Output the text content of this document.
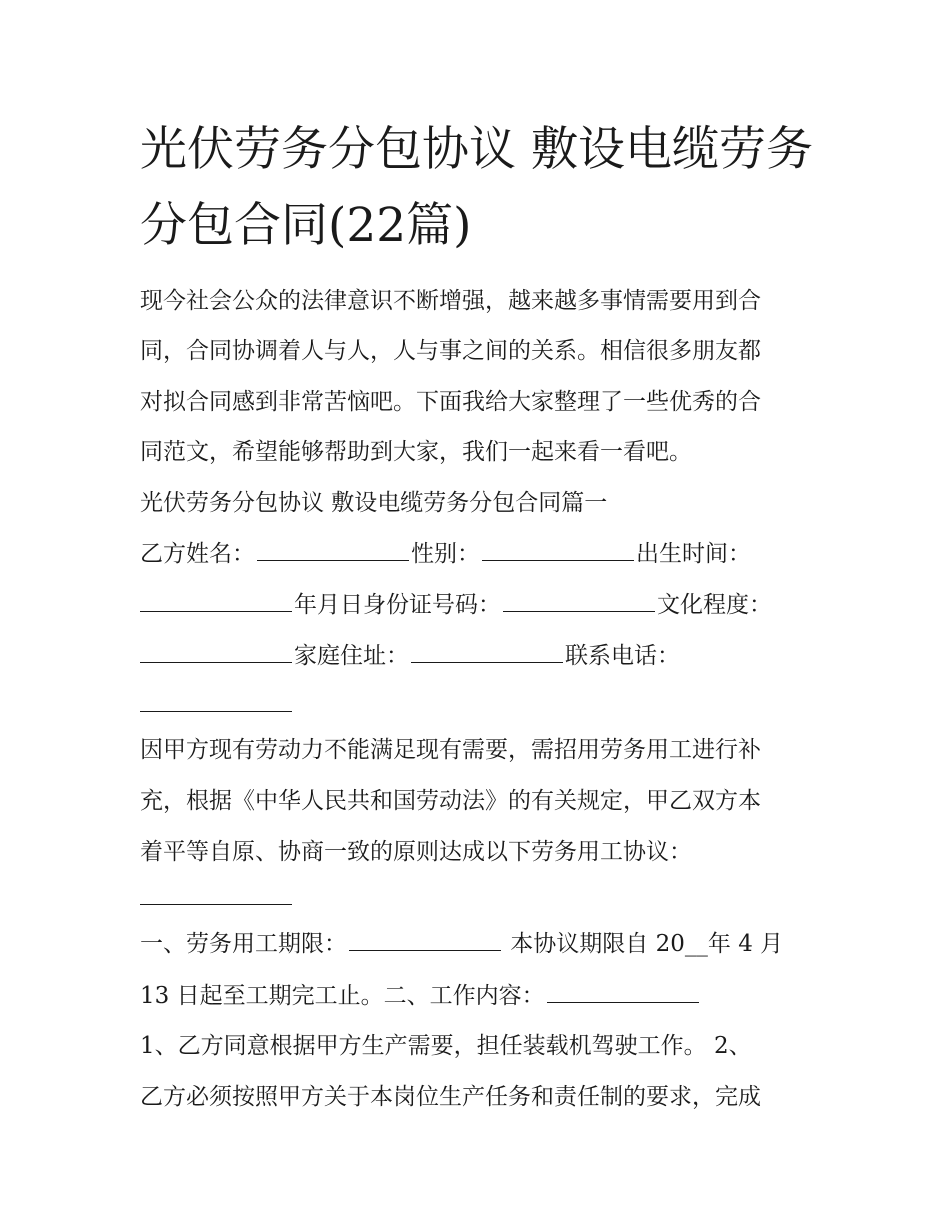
光伏劳务分包协议 敷设电缆劳务分包合同(22篇)
现今社会公众的法律意识不断增强，越来越多事情需要用到合
同，合同协调着人与人，人与事之间的关系。相信很多朋友都
对拟合同感到非常苦恼吧。下面我给大家整理了一些优秀的合
同范文，希望能够帮助到大家，我们一起来看一看吧。
光伏劳务分包协议 敷设电缆劳务分包合同篇一
乙方姓名：	性别：	出生时间：
年月日身份证号码：	文化程度：
家庭住址：	联系电话：
因甲方现有劳动力不能满足现有需要，需招用劳务用工进行补
充，根据《中华人民共和国劳动法》的有关规定，甲乙双方本
着平等自原、协商一致的原则达成以下劳务用工协议：
一、劳务用工期限：	本协议期限自 20__年 4 月
13 日起至工期完工止。二、工作内容：
1、乙方同意根据甲方生产需要，担任装载机驾驶工作。 2、
乙方必须按照甲方关于本岗位生产任务和责任制的要求，完成
